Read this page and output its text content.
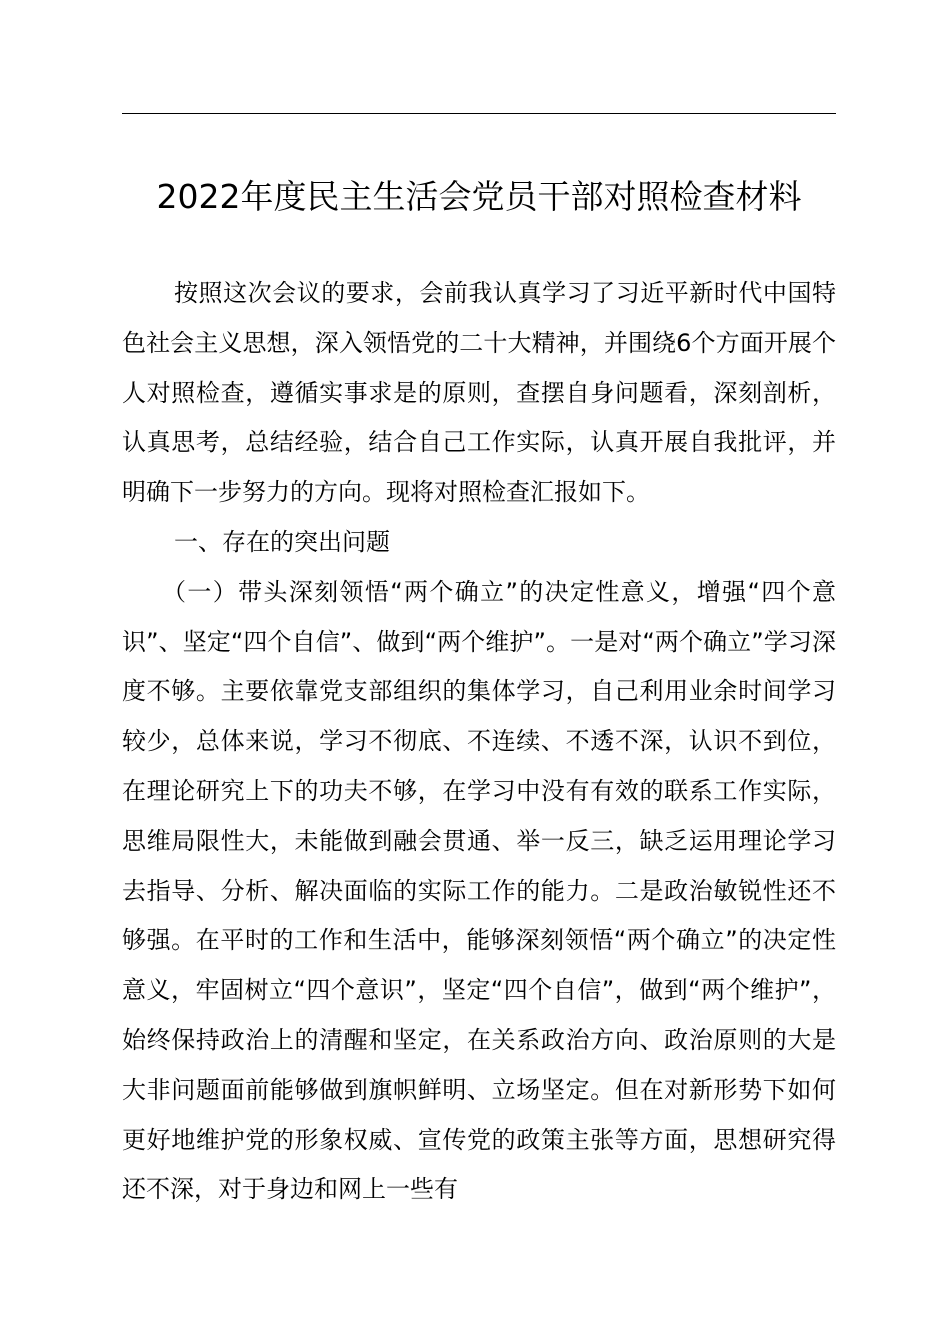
2022年度民主生活会党员干部对照检查材料

按照这次会议的要求，会前我认真学习了习近平新时代中国特色社会主义思想，深入领悟党的二十大精神，并围绕6个方面开展个人对照检查，遵循实事求是的原则，查摆自身问题看，深刻剖析，认真思考，总结经验，结合自己工作实际，认真开展自我批评，并明确下一步努力的方向。现将对照检查汇报如下。

一、存在的突出问题

（一）带头深刻领悟“两个确立”的决定性意义，增强“四个意识”、坚定“四个自信”、做到“两个维护”。一是对“两个确立”学习深度不够。主要依靠党支部组织的集体学习，自己利用业余时间学习较少，总体来说，学习不彻底、不连续、不透不深，认识不到位，在理论研究上下的功夫不够，在学习中没有有效的联系工作实际，思维局限性大，未能做到融会贯通、举一反三，缺乏运用理论学习去指导、分析、解决面临的实际工作的能力。二是政治敏锐性还不够强。在平时的工作和生活中，能够深刻领悟“两个确立”的决定性意义，牢固树立“四个意识”，坚定“四个自信”，做到“两个维护”，始终保持政治上的清醒和坚定，在关系政治方向、政治原则的大是大非问题面前能够做到旗帜鲜明、立场坚定。但在对新形势下如何更好地维护党的形象权威、宣传党的政策主张等方面，思想研究得还不深，对于身边和网上一些有
